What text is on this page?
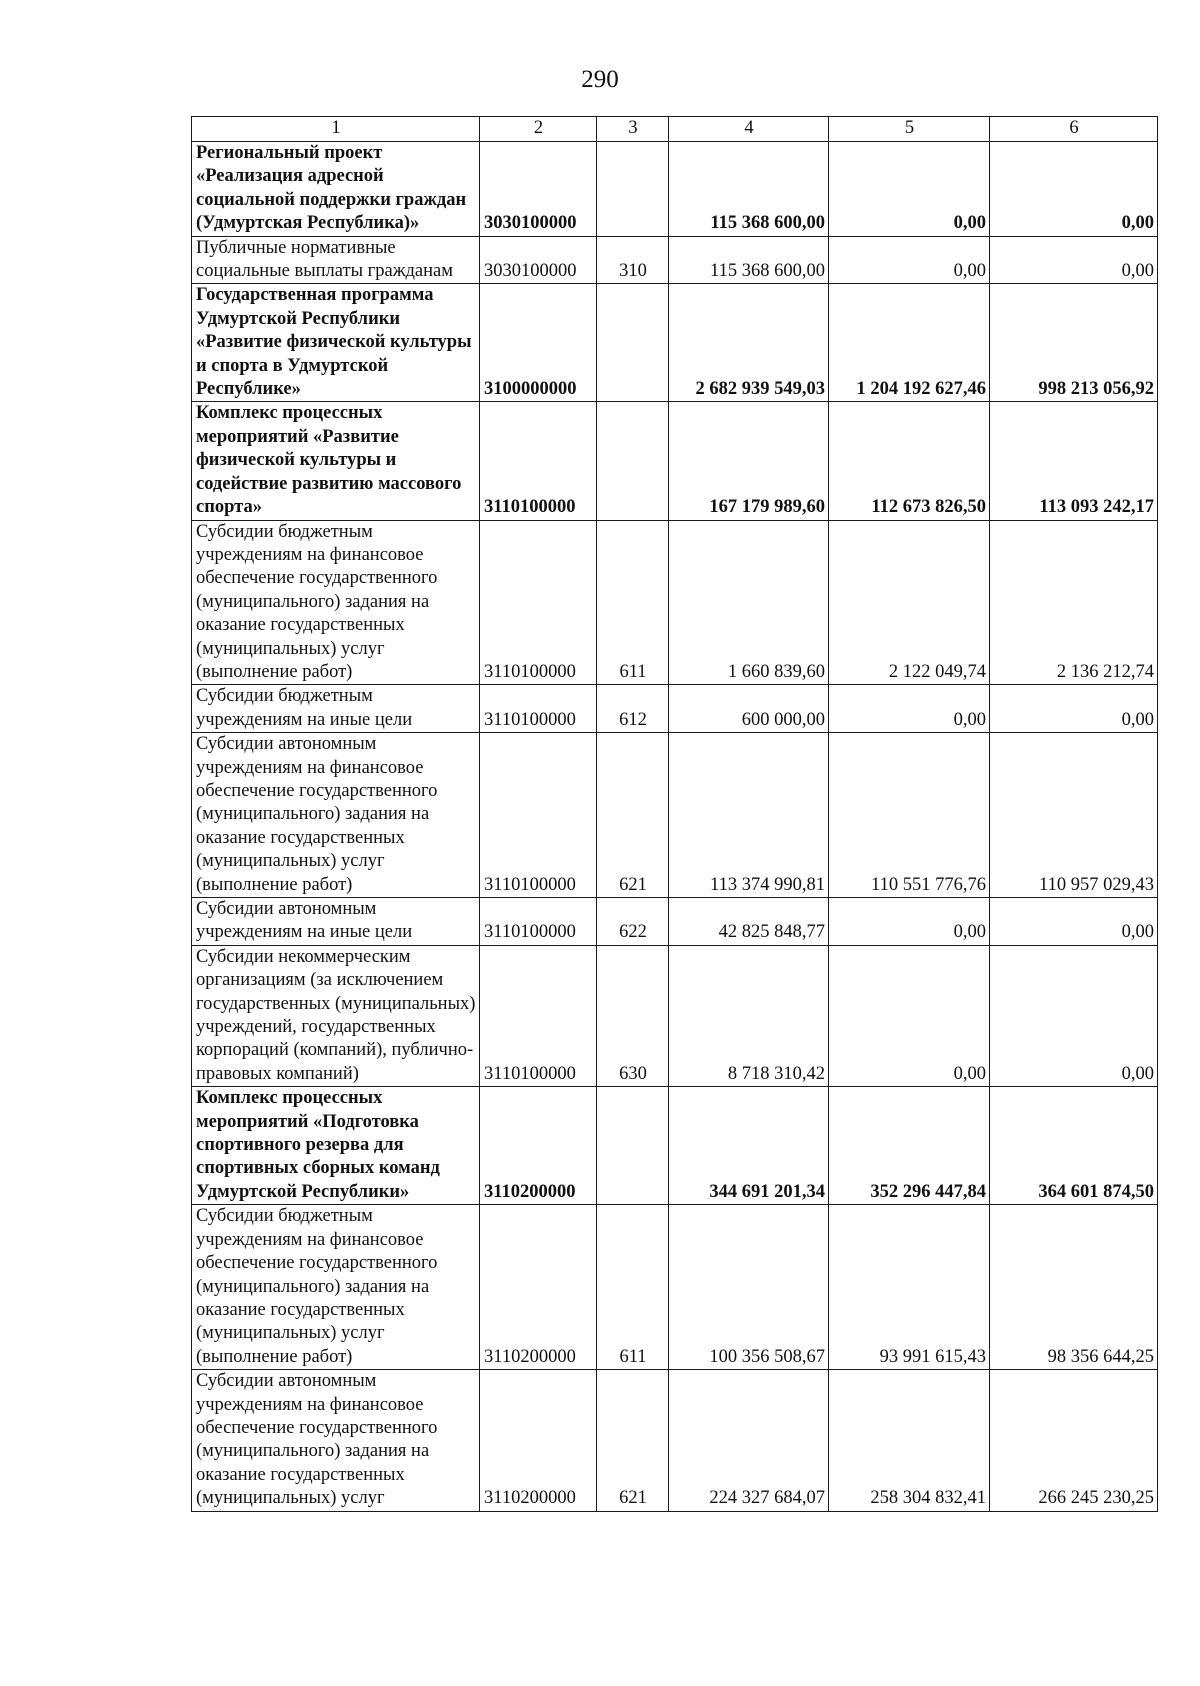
290
1	2	3	4	5	6
Региональный проект «Реализация адресной социальной поддержки граждан (Удмуртская Республика)»	3030100000		115 368 600,00	0,00	0,00
Публичные нормативные социальные выплаты гражданам	3030100000	310	115 368 600,00	0,00	0,00
Государственная программа Удмуртской Республики «Развитие физической культуры и спорта в Удмуртской Республике»	3100000000		2 682 939 549,03	1 204 192 627,46	998 213 056,92
Комплекс процессных мероприятий «Развитие физической культуры и содействие развитию массового спорта»	3110100000		167 179 989,60	112 673 826,50	113 093 242,17
Субсидии бюджетным учреждениям на финансовое обеспечение государственного (муниципального) задания на оказание государственных (муниципальных) услуг (выполнение работ)	3110100000	611	1 660 839,60	2 122 049,74	2 136 212,74
Субсидии бюджетным учреждениям на иные цели	3110100000	612	600 000,00	0,00	0,00
Субсидии автономным учреждениям на финансовое обеспечение государственного (муниципального) задания на оказание государственных (муниципальных) услуг (выполнение работ)	3110100000	621	113 374 990,81	110 551 776,76	110 957 029,43
Субсидии автономным учреждениям на иные цели	3110100000	622	42 825 848,77	0,00	0,00
Субсидии некоммерческим организациям (за исключением государственных (муниципальных) учреждений, государственных корпораций (компаний), публично-правовых компаний)	3110100000	630	8 718 310,42	0,00	0,00
Комплекс процессных мероприятий «Подготовка спортивного резерва для спортивных сборных команд Удмуртской Республики»	3110200000		344 691 201,34	352 296 447,84	364 601 874,50
Субсидии бюджетным учреждениям на финансовое обеспечение государственного (муниципального) задания на оказание государственных (муниципальных) услуг (выполнение работ)	3110200000	611	100 356 508,67	93 991 615,43	98 356 644,25
Субсидии автономным учреждениям на финансовое обеспечение государственного (муниципального) задания на оказание государственных (муниципальных) услуг	3110200000	621	224 327 684,07	258 304 832,41	266 245 230,25
